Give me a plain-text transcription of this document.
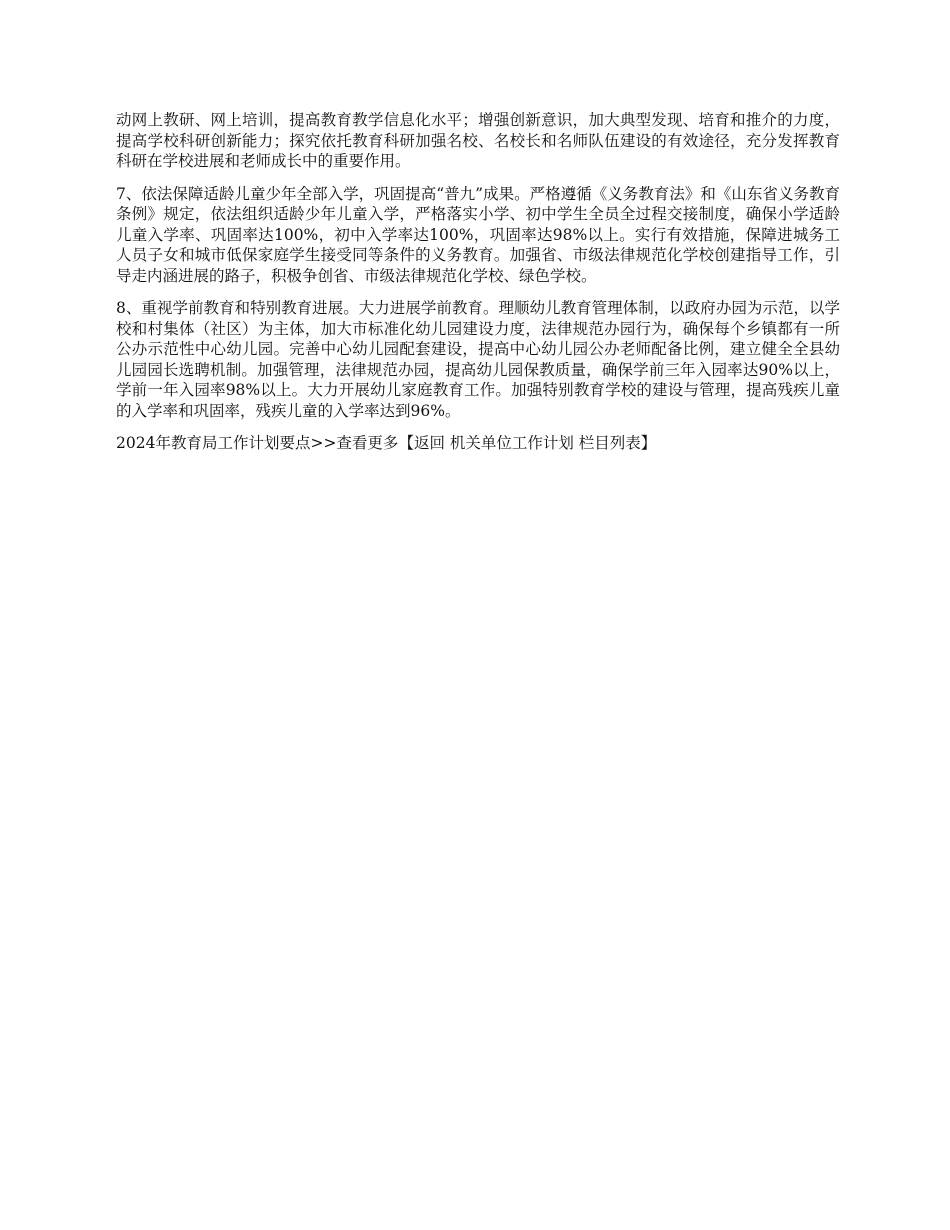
动网上教研、网上培训，提高教育教学信息化水平；增强创新意识，加大典型发现、培育和推介的力度，提高学校科研创新能力；探究依托教育科研加强名校、名校长和名师队伍建设的有效途径，充分发挥教育科研在学校进展和老师成长中的重要作用。

7、依法保障适龄儿童少年全部入学，巩固提高“普九”成果。严格遵循《义务教育法》和《山东省义务教育条例》规定，依法组织适龄少年儿童入学，严格落实小学、初中学生全员全过程交接制度，确保小学适龄儿童入学率、巩固率达100%，初中入学率达100%，巩固率达98%以上。实行有效措施，保障进城务工人员子女和城市低保家庭学生接受同等条件的义务教育。加强省、市级法律规范化学校创建指导工作，引导走内涵进展的路子，积极争创省、市级法律规范化学校、绿色学校。

8、重视学前教育和特别教育进展。大力进展学前教育。理顺幼儿教育管理体制，以政府办园为示范，以学校和村集体（社区）为主体，加大市标准化幼儿园建设力度，法律规范办园行为，确保每个乡镇都有一所公办示范性中心幼儿园。完善中心幼儿园配套建设，提高中心幼儿园公办老师配备比例，建立健全全县幼儿园园长选聘机制。加强管理，法律规范办园，提高幼儿园保教质量，确保学前三年入园率达90%以上，学前一年入园率98%以上。大力开展幼儿家庭教育工作。加强特别教育学校的建设与管理，提高残疾儿童的入学率和巩固率，残疾儿童的入学率达到96%。

2024年教育局工作计划要点>>查看更多【返回 机关单位工作计划 栏目列表】
